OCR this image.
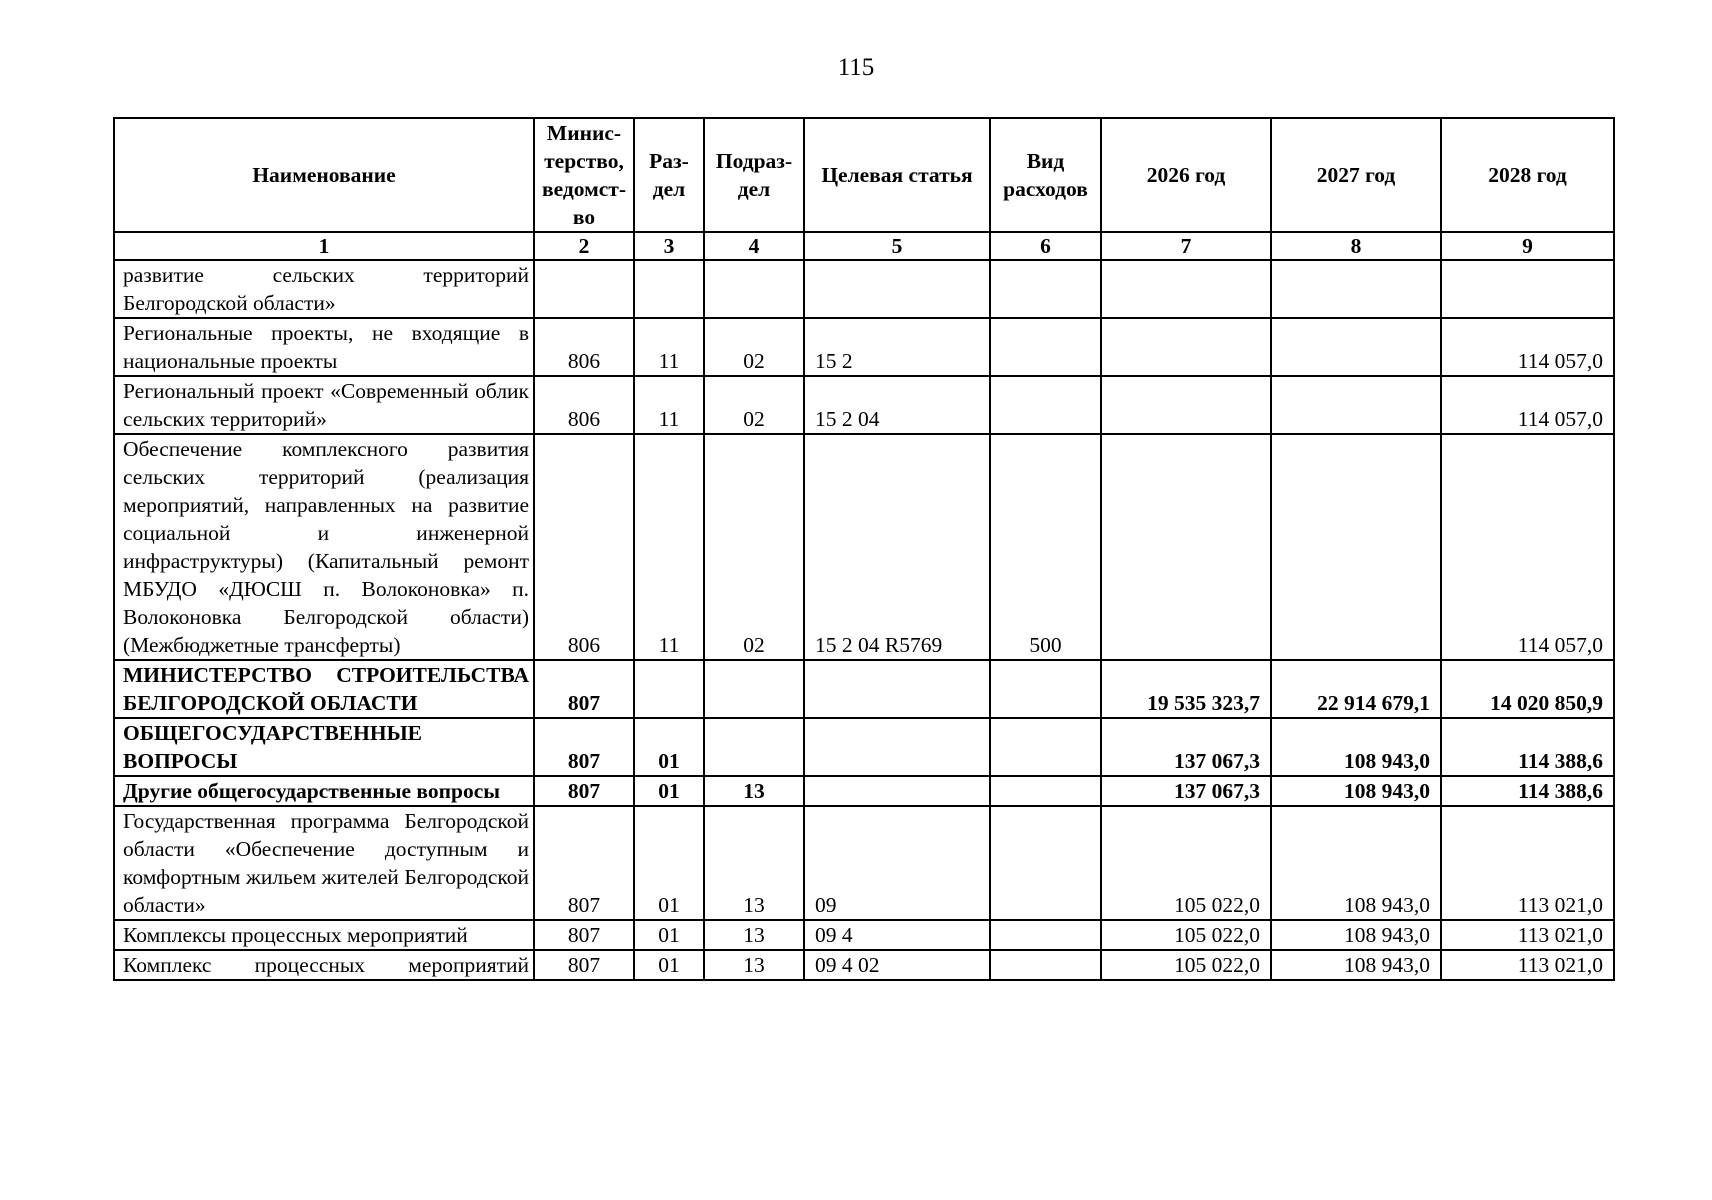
115
Наименование	Минис-терство, ведомст-во	Раз-дел	Подраз-дел	Целевая статья	Вид расходов	2026 год	2027 год	2028 год
1	2	3	4	5	6	7	8	9
развитие сельских территорий Белгородской области»								
Региональные проекты, не входящие в национальные проекты	806	11	02	15 2				114 057,0
Региональный проект «Современный облик сельских территорий»	806	11	02	15 2 04				114 057,0
Обеспечение комплексного развития сельских территорий (реализация мероприятий, направленных на развитие социальной и инженерной инфраструктуры) (Капитальный ремонт МБУДО «ДЮСШ п. Волоконовка» п. Волоконовка Белгородской области) (Межбюджетные трансферты)	806	11	02	15 2 04 R5769	500			114 057,0
МИНИСТЕРСТВО СТРОИТЕЛЬСТВА БЕЛГОРОДСКОЙ ОБЛАСТИ	807					19 535 323,7	22 914 679,1	14 020 850,9
ОБЩЕГОСУДАРСТВЕННЫЕ ВОПРОСЫ	807	01				137 067,3	108 943,0	114 388,6
Другие общегосударственные вопросы	807	01	13			137 067,3	108 943,0	114 388,6
Государственная программа Белгородской области «Обеспечение доступным и комфортным жильем жителей Белгородской области»	807	01	13	09		105 022,0	108 943,0	113 021,0
Комплексы процессных мероприятий	807	01	13	09 4		105 022,0	108 943,0	113 021,0
Комплекс процессных мероприятий	807	01	13	09 4 02		105 022,0	108 943,0	113 021,0
